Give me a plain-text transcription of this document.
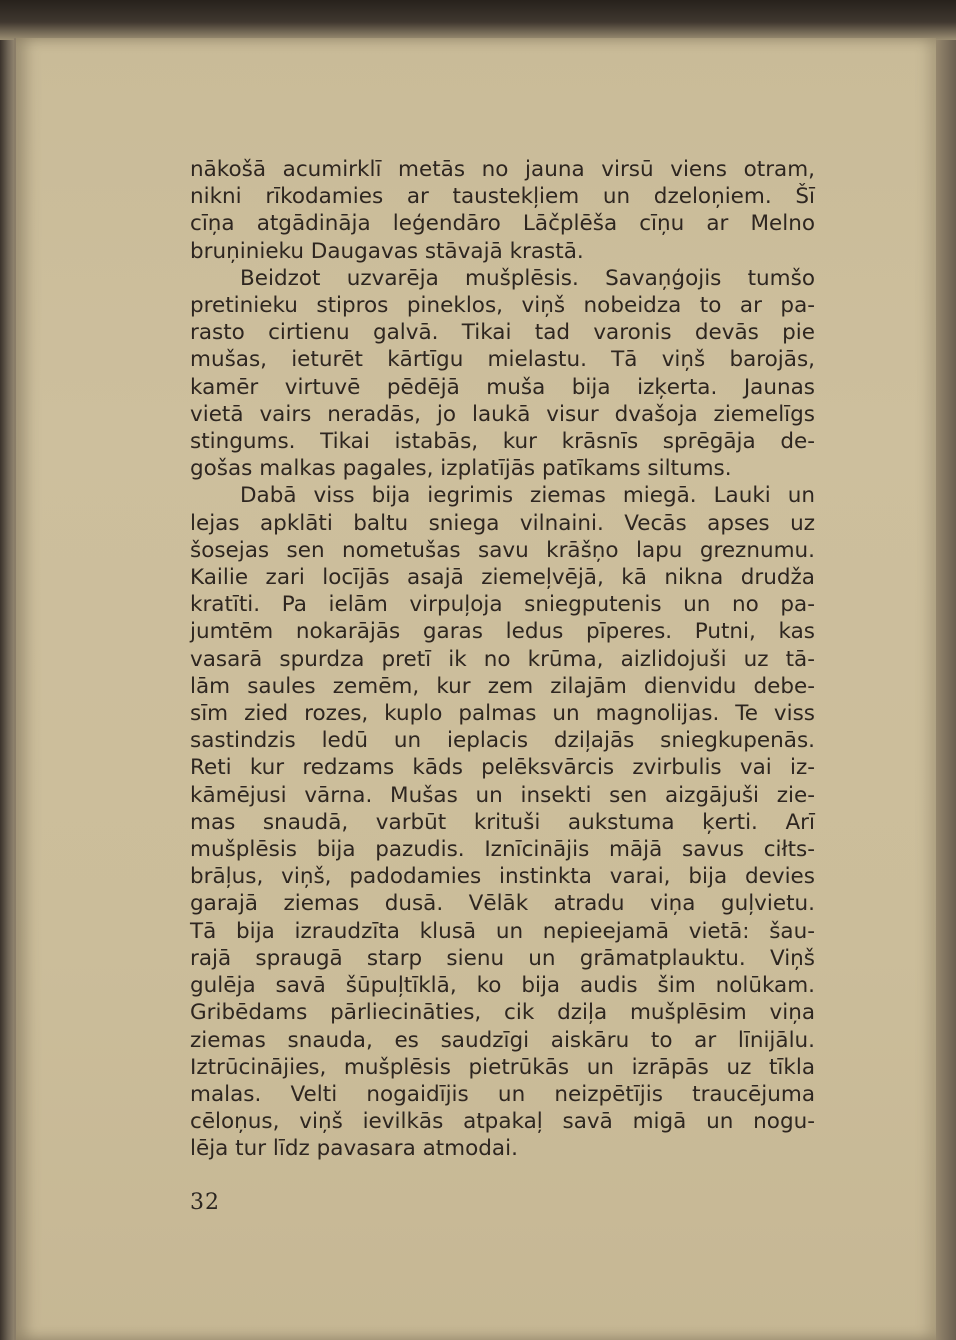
nākošā acumirklī metās no jauna virsū viens otram,
nikni rīkodamies ar taustekļiem un dzeloņiem. Šī
cīņa atgādināja leģendāro Lāčplēša cīņu ar Melno
bruņinieku Daugavas stāvajā krastā.
Beidzot uzvarēja mušplēsis. Savaņģojis tumšo
pretinieku stipros pineklos, viņš nobeidza to ar pa-
rasto cirtienu galvā. Tikai tad varonis devās pie
mušas, ieturēt kārtīgu mielastu. Tā viņš barojās,
kamēr virtuvē pēdējā muša bija izķerta. Jaunas
vietā vairs neradās, jo laukā visur dvašoja ziemelīgs
stingums. Tikai istabās, kur krāsnīs sprēgāja de-
gošas malkas pagales, izplatījās patīkams siltums.
Dabā viss bija iegrimis ziemas miegā. Lauki un
lejas apklāti baltu sniega vilnaini. Vecās apses uz
šosejas sen nometušas savu krāšņo lapu greznumu.
Kailie zari locījās asajā ziemeļvējā, kā nikna drudža
kratīti. Pa ielām virpuļoja sniegputenis un no pa-
jumtēm nokarājās garas ledus pīperes. Putni, kas
vasarā spurdza pretī ik no krūma, aizlidojuši uz tā-
lām saules zemēm, kur zem zilajām dienvidu debe-
sīm zied rozes, kuplo palmas un magnolijas. Te viss
sastindzis ledū un ieplacis dziļajās sniegkupenās.
Reti kur redzams kāds pelēksvārcis zvirbulis vai iz-
kāmējusi vārna. Mušas un insekti sen aizgājuši zie-
mas snaudā, varbūt krituši aukstuma ķerti. Arī
mušplēsis bija pazudis. Iznīcinājis mājā savus ciłts-
brāļus, viņš, padodamies instinkta varai, bija devies
garajā ziemas dusā. Vēlāk atradu viņa guļvietu.
Tā bija izraudzīta klusā un nepieejamā vietā: šau-
rajā spraugā starp sienu un grāmatplauktu. Viņš
gulēja savā šūpuļtīklā, ko bija audis šim nolūkam.
Gribēdams pārliecināties, cik dziļa mušplēsim viņa
ziemas snauda, es saudzīgi aiskāru to ar līnijālu.
Iztrūcinājies, mušplēsis pietrūkās un izrāpās uz tīkla
malas. Velti nogaidījis un neizpētījis traucējuma
cēloņus, viņš ievilkās atpakaļ savā migā un nogu-
lēja tur līdz pavasara atmodai.
32
